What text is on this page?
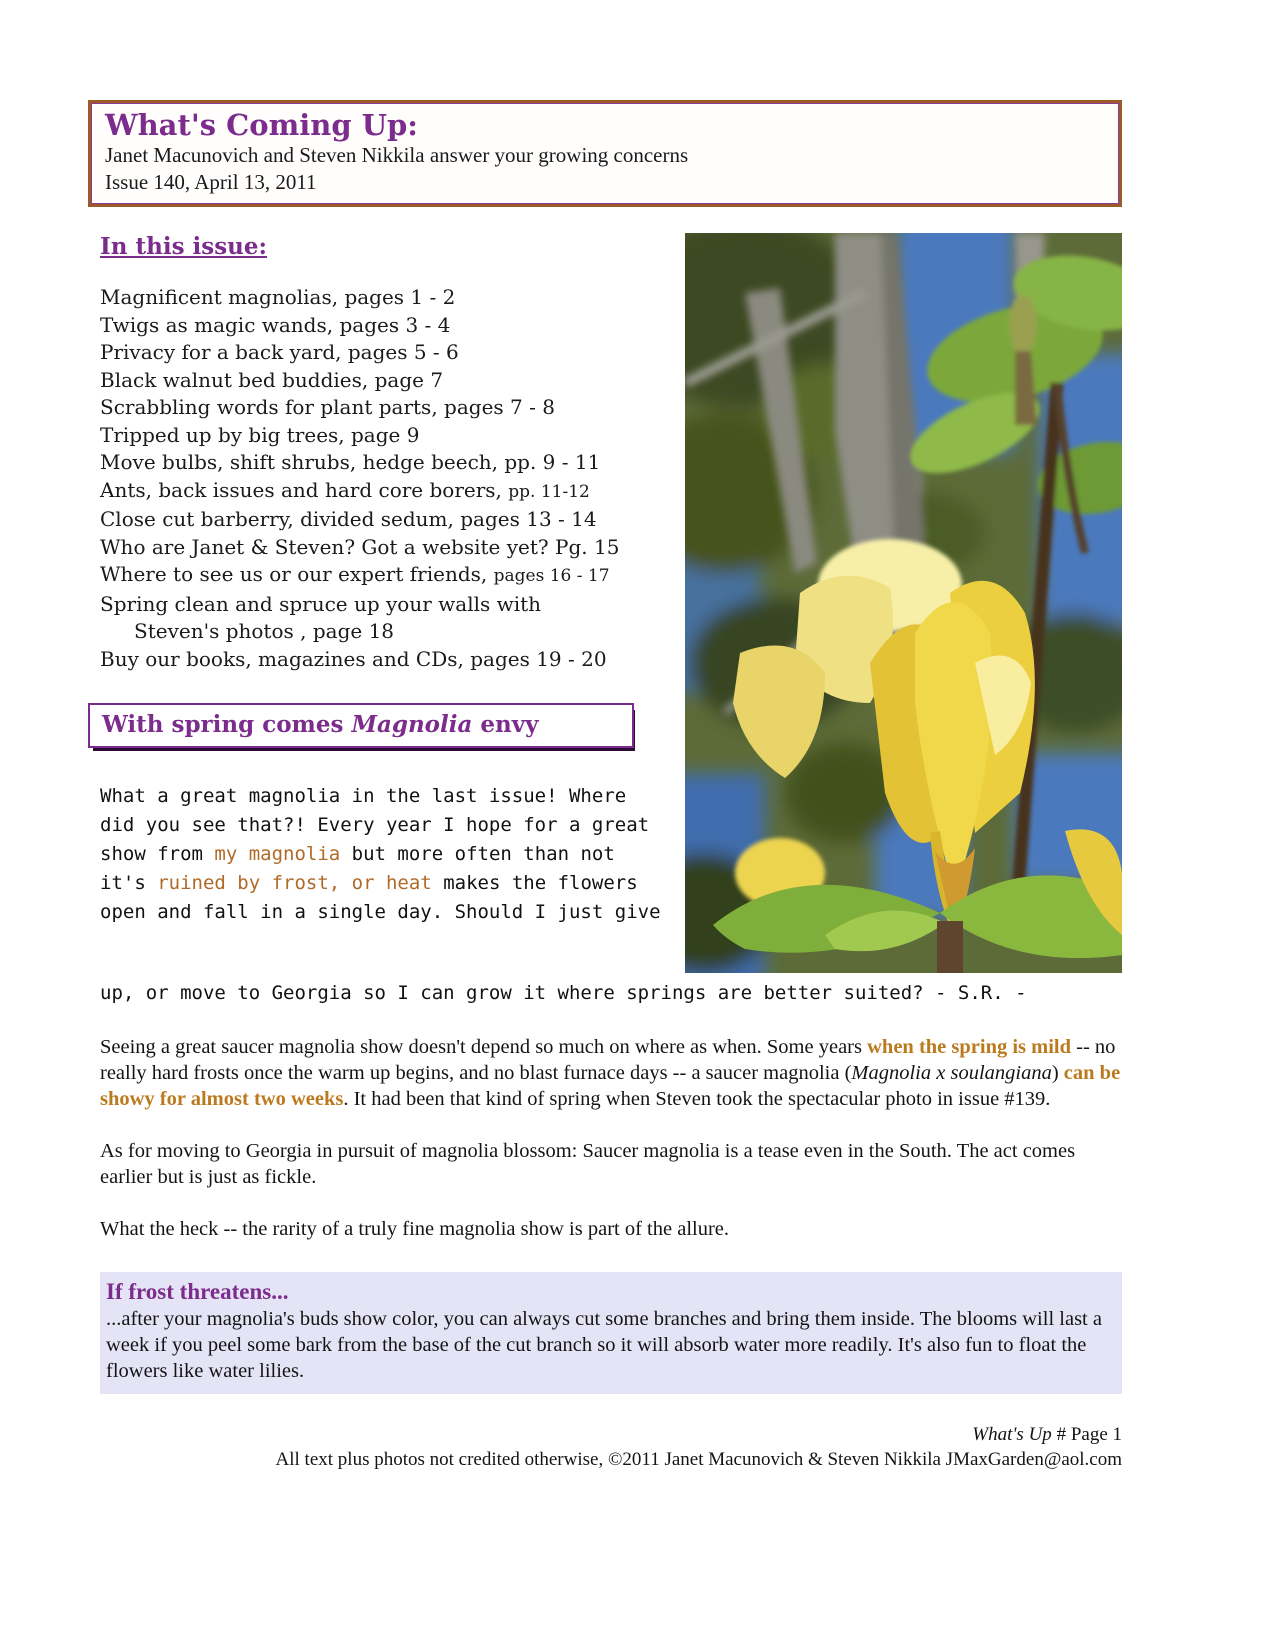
What's Coming Up:
Janet Macunovich and Steven Nikkila answer your growing concerns
Issue 140, April 13, 2011
In this issue:
Magnificent magnolias, pages 1 - 2
Twigs as magic wands, pages 3 - 4
Privacy for a back yard, pages 5 - 6
Black walnut bed buddies, page 7
Scrabbling words for plant parts, pages 7 - 8
Tripped up by big trees, page 9
Move bulbs, shift shrubs, hedge beech, pp. 9 - 11
Ants, back issues and hard core borers, pp. 11-12
Close cut barberry, divided sedum, pages 13 - 14
Who are Janet & Steven? Got a website yet? Pg. 15
Where to see us or our expert friends, pages 16 - 17
Spring clean and spruce up your walls with
Steven's photos , page 18
Buy our books, magazines and CDs, pages 19 - 20
With spring comes Magnolia envy

What a great magnolia in the last issue! Where did you see that?! Every year I hope for a great show from my magnolia but more often than not it's ruined by frost, or heat makes the flowers open and fall in a single day. Should I just give

up, or move to Georgia so I can grow it where springs are better suited? - S.R. -

Seeing a great saucer magnolia show doesn't depend so much on where as when. Some years when the spring is mild -- no really hard frosts once the warm up begins, and no blast furnace days -- a saucer magnolia (Magnolia x soulangiana) can be showy for almost two weeks. It had been that kind of spring when Steven took the spectacular photo in issue #139.

As for moving to Georgia in pursuit of magnolia blossom: Saucer magnolia is a tease even in the South. The act comes earlier but is just as fickle.

What the heck -- the rarity of a truly fine magnolia show is part of the allure.

If frost threatens...
...after your magnolia's buds show color, you can always cut some branches and bring them inside. The blooms will last a week if you peel some bark from the base of the cut branch so it will absorb water more readily. It's also fun to float the flowers like water lilies.
What's Up # Page 1
All text plus photos not credited otherwise, ©2011 Janet Macunovich & Steven Nikkila JMaxGarden@aol.com
